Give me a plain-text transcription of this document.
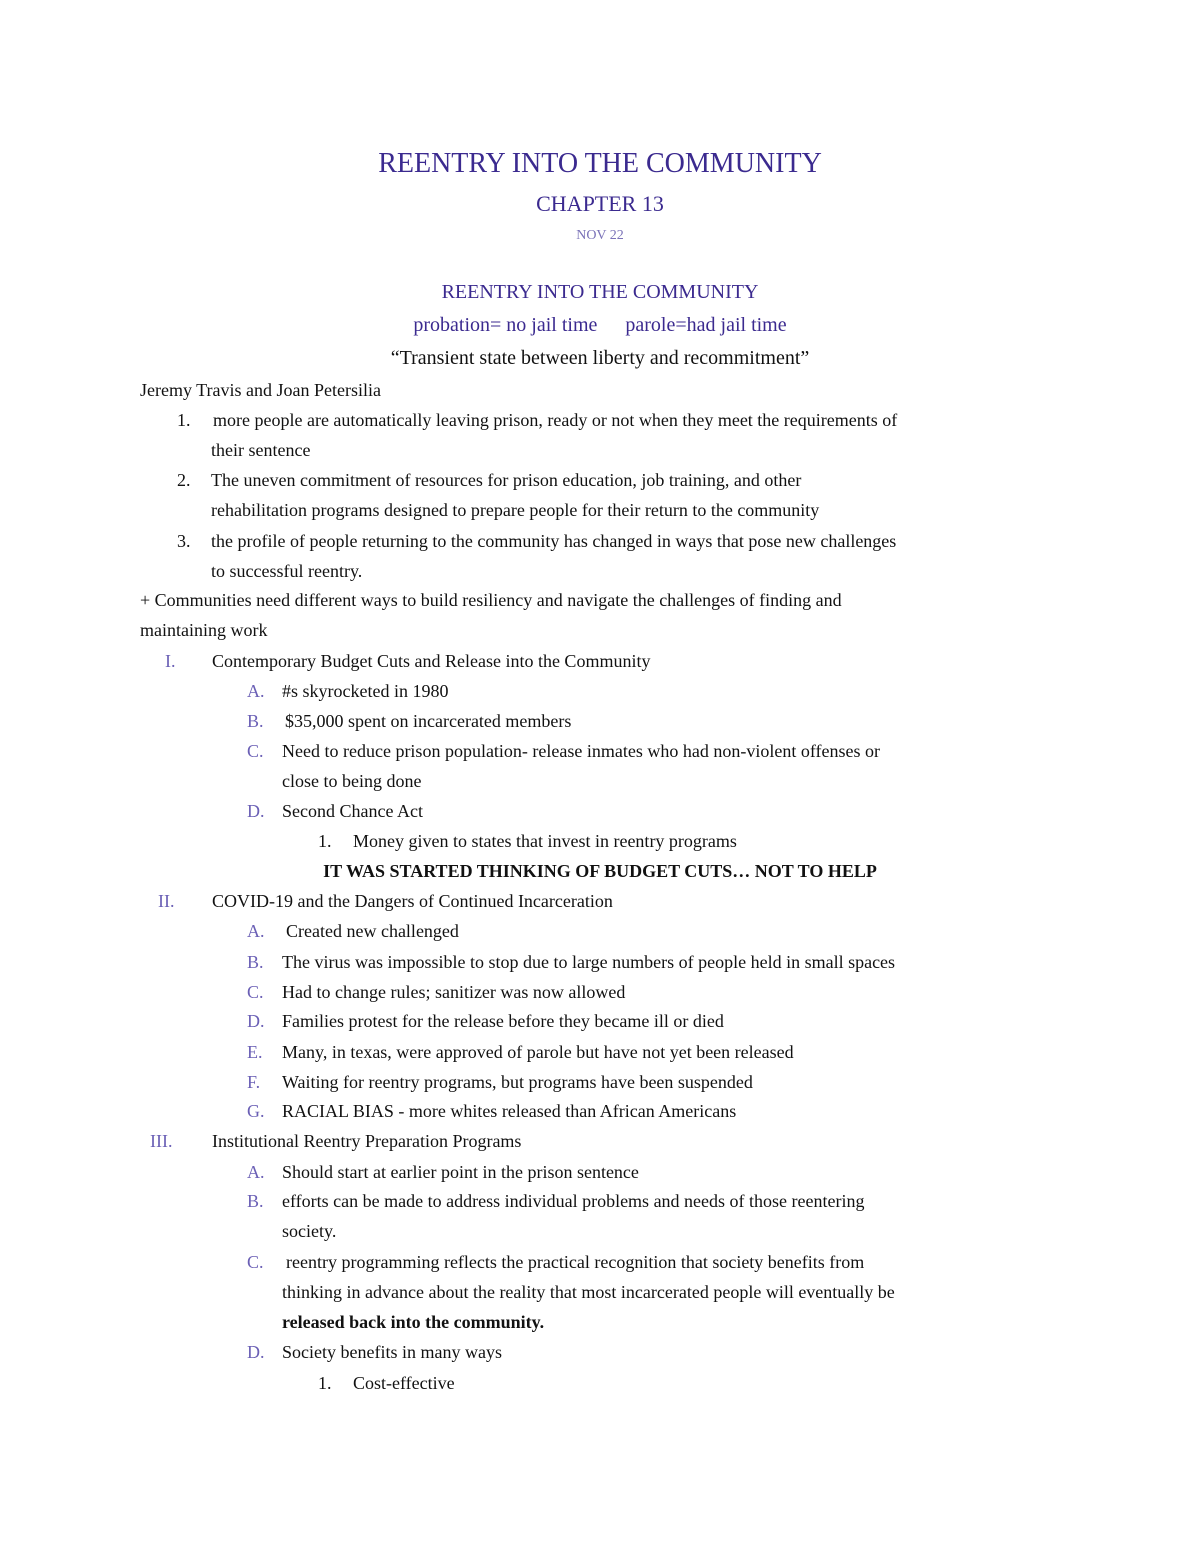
REENTRY INTO THE COMMUNITY
CHAPTER 13
NOV 22
REENTRY INTO THE COMMUNITY
probation= no jail time parole=had jail time
“Transient state between liberty and recommitment”
Jeremy Travis and Joan Petersilia
1. more people are automatically leaving prison, ready or not when they meet the requirements of
their sentence
2. The uneven commitment of resources for prison education, job training, and other
rehabilitation programs designed to prepare people for their return to the community
3. the profile of people returning to the community has changed in ways that pose new challenges
to successful reentry.
+ Communities need different ways to build resiliency and navigate the challenges of finding and
maintaining work
I. Contemporary Budget Cuts and Release into the Community
A. #s skyrocketed in 1980
B. $35,000 spent on incarcerated members
C. Need to reduce prison population- release inmates who had non-violent offenses or
close to being done
D. Second Chance Act
1. Money given to states that invest in reentry programs
IT WAS STARTED THINKING OF BUDGET CUTS… NOT TO HELP
II. COVID-19 and the Dangers of Continued Incarceration
A. Created new challenged
B. The virus was impossible to stop due to large numbers of people held in small spaces
C. Had to change rules; sanitizer was now allowed
D. Families protest for the release before they became ill or died
E. Many, in texas, were approved of parole but have not yet been released
F. Waiting for reentry programs, but programs have been suspended
G. RACIAL BIAS - more whites released than African Americans
III. Institutional Reentry Preparation Programs
A. Should start at earlier point in the prison sentence
B. efforts can be made to address individual problems and needs of those reentering
society.
C. reentry programming reflects the practical recognition that society benefits from
thinking in advance about the reality that most incarcerated people will eventually be
released back into the community.
D. Society benefits in many ways
1. Cost-effective
